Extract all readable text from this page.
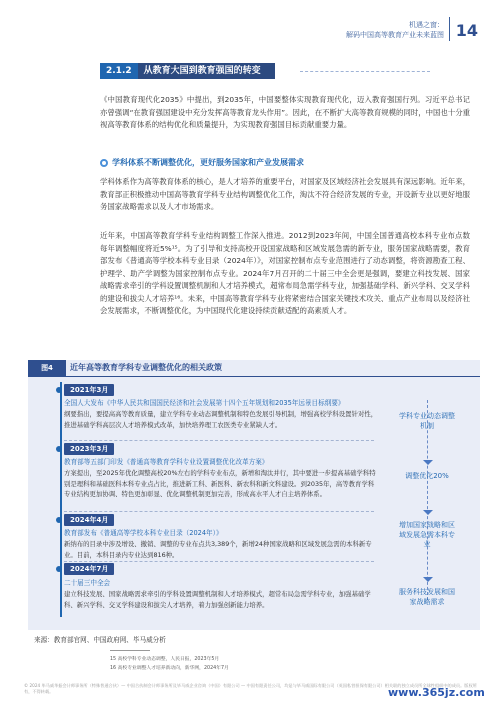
机遇之窗：
解码中国高等教育产业未来蓝图 14
2.1.2	从教育大国到教育强国的转变
《中国教育现代化2035》中提出，到2035年，中国要整体实现教育现代化，迈入教育强国行列。习近平总书记亦曾强调“在教育强国建设中充分发挥高等教育龙头作用”。因此，在不断扩大高等教育规模的同时，中国也十分重视高等教育体系的结构优化和质量提升，为实现教育强国目标贡献重要力量。
学科体系不断调整优化，更好服务国家和产业发展需求
学科体系作为高等教育体系的核心，是人才培养的重要平台，对国家及区域经济社会发展具有深远影响。近年来，教育部正积极推动中国高等教育学科专业结构调整优化工作，淘汰不符合经济发展的专业，开设新专业以更好地服务国家战略需求以及人才市场需求。
近年来，中国高等教育学科专业结构调整工作深入推进。2012到2023年间，中国全国普通高校本科专业布点数每年调整幅度将近5%¹⁵。为了引导和支持高校开设国家战略和区域发展急需的新专业，服务国家战略需要，教育部发布《普通高等学校本科专业目录（2024年）》，对国家控制布点专业范围进行了动态调整，将资源勘查工程、护理学、助产学调整为国家控制布点专业。2024年7月召开的二十届三中全会更是强调，要建立科技发展、国家战略需求牵引的学科设置调整机制和人才培养模式，超常布局急需学科专业，加强基础学科、新兴学科、交叉学科的建设和拔尖人才培养¹⁶。未来，中国高等教育学科专业将紧密结合国家关键技术攻关、重点产业布局以及经济社会发展需求，不断调整优化，为中国现代化建设持续贡献适配的高素质人才。
图4	近年高等教育学科专业调整优化的相关政策
2021年3月
全国人大发布《中华人民共和国国民经济和社会发展第十四个五年规划和2035年远景目标纲要》
纲要指出，要提高高等教育质量，建立学科专业动态调整机制和特色发展引导机制，增强高校学科设置针对性，推进基础学科高层次人才培养模式改革，加快培养理工农医类专业紧缺人才。
2023年3月
教育部等五部门印发《普通高等教育学科专业设置调整优化改革方案》
方案提出，至2025年优化调整高校20%左右的学科专业布点，新增和淘汰并行，其中要进一步提高基础学科特别是理科和基础医科本科专业点占比，推进新工科、新医科、新农科和新文科建设。到2035年，高等教育学科专业结构更加协调、特色更加彰显、优化调整机制更加完善，形成高水平人才自主培养体系。
2024年4月
教育部发布《普通高等学校本科专业目录（2024年）》
新纳布的目录中涉及增设、撤销、调整的专业布点共3,389个，新增24种国家战略和区域发展急需的本科新专业。目前，本科目录内专业达到816种。
2024年7月
二十届三中全会
建立科技发展、国家战略需求牵引的学科设置调整机制和人才培养模式，超常布局急需学科专业，加强基础学科、新兴学科、交叉学科建设和拔尖人才培养，着力加强创新能力培养。
学科专业动态调整机制
调整优化20%
增加国家战略和区域发展急需本科专业
服务科技发展和国家战略需求
来源：教育部官网、中国政府网、毕马威分析
15 高校学科专业动态调整，人民日报，2023年5月
16 高校专业调整人才培养新动向，新华网，2024年7月
© 2024 毕马威华振会计师事务所（特殊普通合伙）— 中国合伙制会计师事务所及毕马威企业咨询（中国）有限公司 — 中国有限责任公司，均是与毕马威国际有限公司（英国私营担保有限公司）相关联的独立成员所全球性组织中的成员。版权所有，不得转载。	www.365jz.com
